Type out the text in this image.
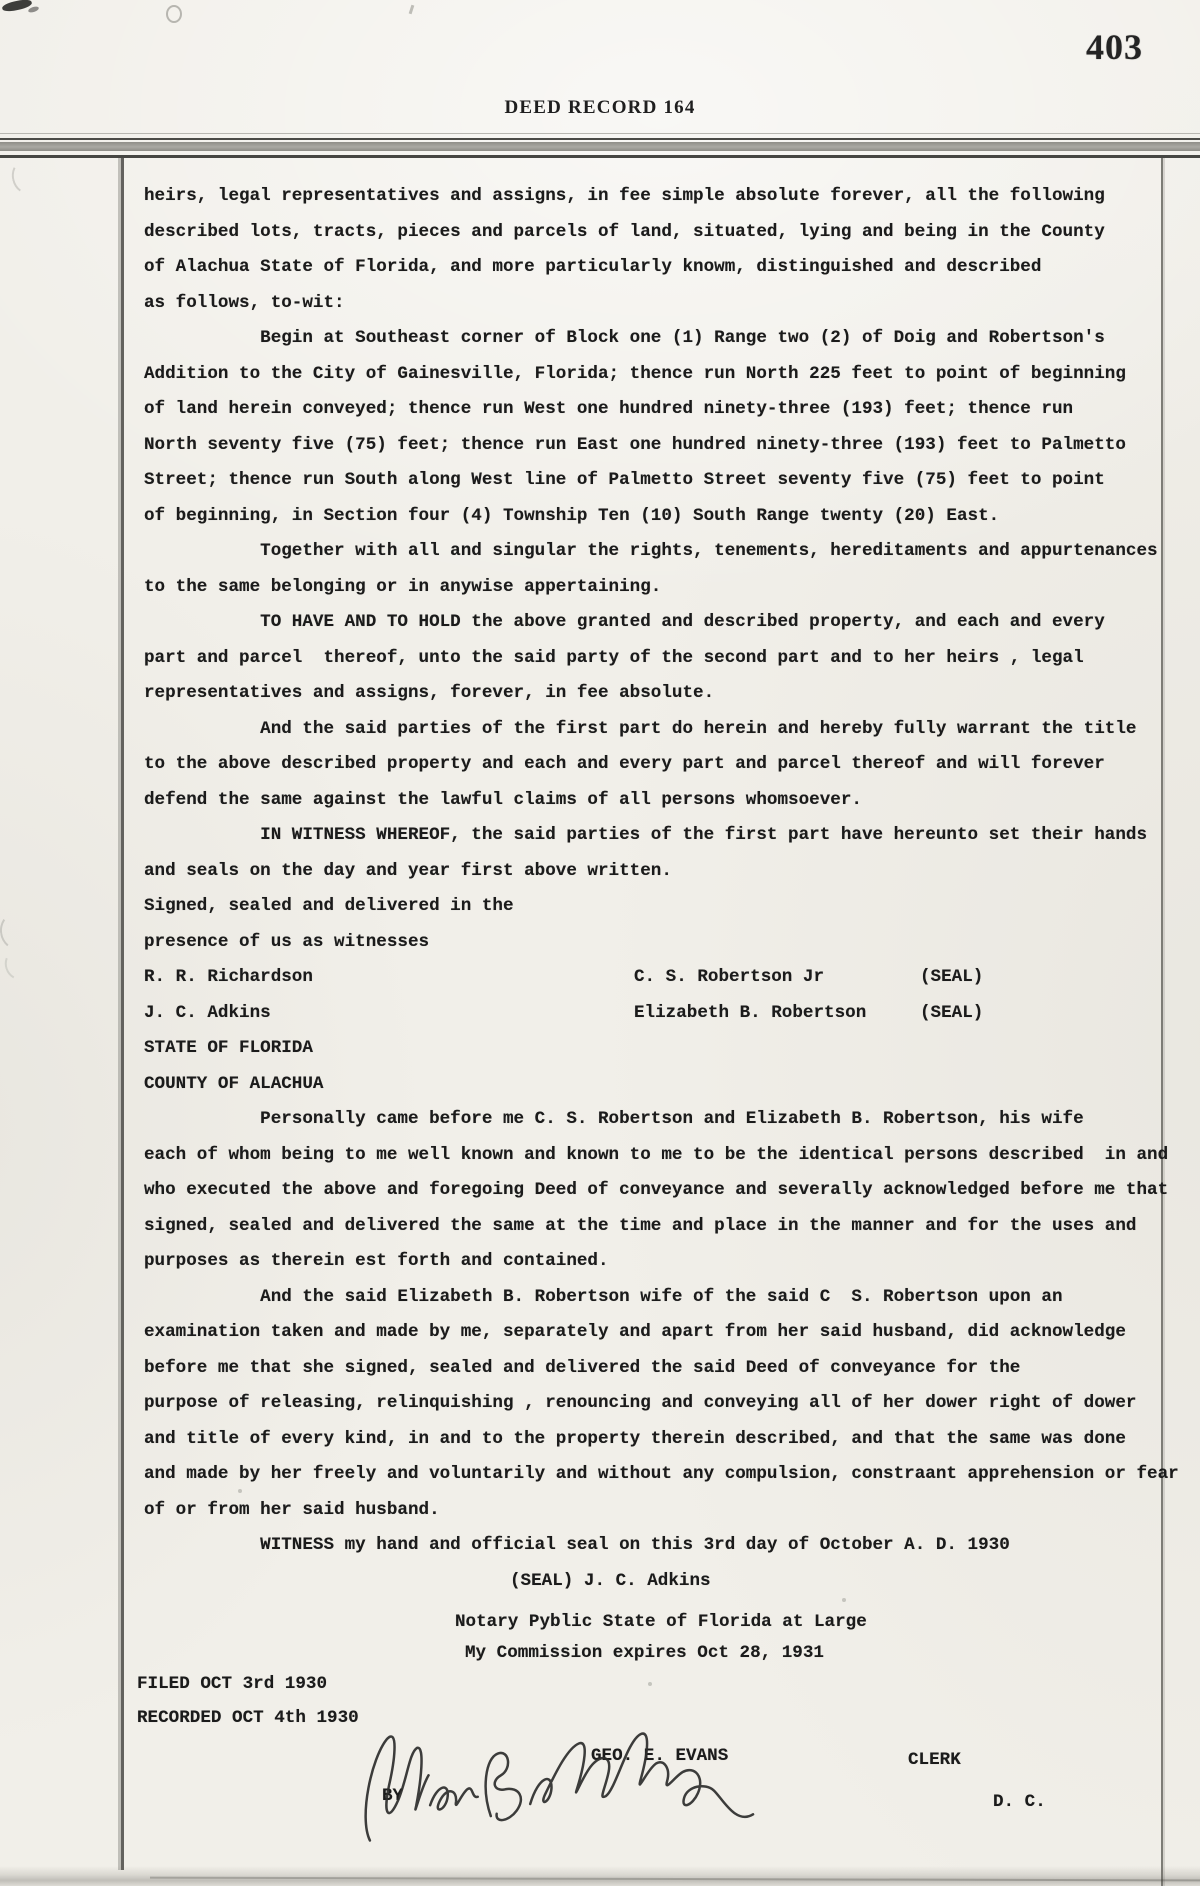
403
DEED RECORD 164
heirs, legal representatives and assigns, in fee simple absolute forever, all the following
described lots, tracts, pieces and parcels of land, situated, lying and being in the County
of Alachua State of Florida, and more particularly knowm, distinguished and described
as follows, to-wit:
Begin at Southeast corner of Block one (1) Range two (2) of Doig and Robertson's
Addition to the City of Gainesville, Florida; thence run North 225 feet to point of beginning
of land herein conveyed; thence run West one hundred ninety-three (193) feet; thence run
North seventy five (75) feet; thence run East one hundred ninety-three (193) feet to Palmetto
Street; thence run South along West line of Palmetto Street seventy five (75) feet to point
of beginning, in Section four (4) Township Ten (10) South Range twenty (20) East.
Together with all and singular the rights, tenements, hereditaments and appurtenances
to the same belonging or in anywise appertaining.
TO HAVE AND TO HOLD the above granted and described property, and each and every
part and parcel  thereof, unto the said party of the second part and to her heirs , legal
representatives and assigns, forever, in fee absolute.
And the said parties of the first part do herein and hereby fully warrant the title
to the above described property and each and every part and parcel thereof and will forever
defend the same against the lawful claims of all persons whomsoever.
IN WITNESS WHEREOF, the said parties of the first part have hereunto set their hands
and seals on the day and year first above written.
Signed, sealed and delivered in the
presence of us as witnesses
R. R. Richardson	C. S. Robertson Jr	(SEAL)
J. C. Adkins	Elizabeth B. Robertson	(SEAL)
STATE OF FLORIDA
COUNTY OF ALACHUA
Personally came before me C. S. Robertson and Elizabeth B. Robertson, his wife
each of whom being to me well known and known to me to be the identical persons described  in and
who executed the above and foregoing Deed of conveyance and severally acknowledged before me that
signed, sealed and delivered the same at the time and place in the manner and for the uses and
purposes as therein est forth and contained.
And the said Elizabeth B. Robertson wife of the said C  S. Robertson upon an
examination taken and made by me, separately and apart from her said husband, did acknowledge
before me that she signed, sealed and delivered the said Deed of conveyance for the
purpose of releasing, relinquishing , renouncing and conveying all of her dower right of dower
and title of every kind, in and to the property therein described, and that the same was done
and made by her freely and voluntarily and without any compulsion, constraant apprehension or fear
of or from her said husband.
WITNESS my hand and official seal on this 3rd day of October A. D. 1930
(SEAL) J. C. Adkins
Notary Pyblic State of Florida at Large
My Commission expires Oct 28, 1931
FILED OCT 3rd 1930
RECORDED OCT 4th 1930
GEO. E. EVANS	CLERK
BY	D. C.
